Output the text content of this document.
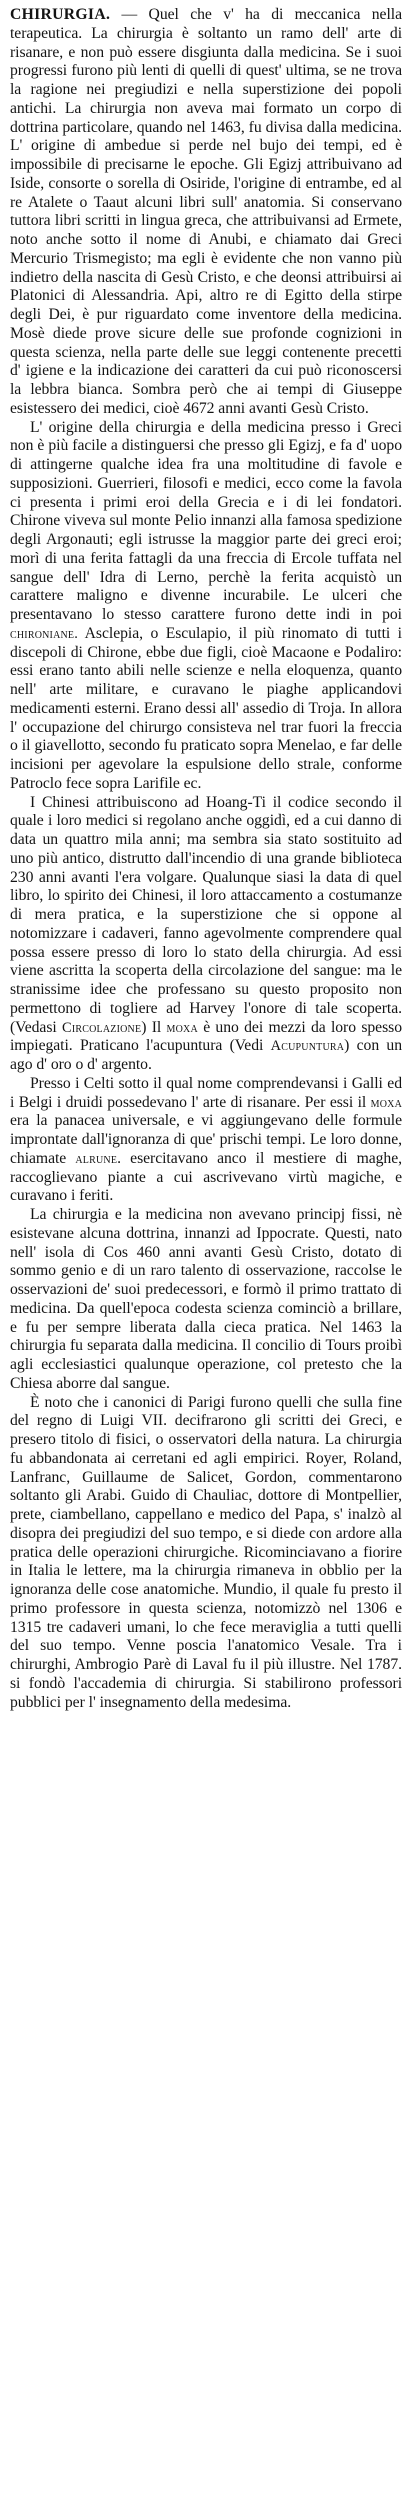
CHIRURGIA. — Quel che v' ha di meccanica nella terapeutica. La chirurgia è soltanto un ramo dell' arte di risanare, e non può essere disgiunta dalla medicina. Se i suoi progressi furono più lenti di quelli di quest' ultima, se ne trova la ragione nei pregiudizi e nella superstizione dei popoli antichi. La chirurgia non aveva mai formato un corpo di dottrina particolare, quando nel 1463, fu divisa dalla medicina. L' origine di ambedue si perde nel bujo dei tempi, ed è impossibile di precisarne le epoche. Gli Egizj attribuivano ad Iside, consorte o sorella di Osiride, l'origine di entrambe, ed al re Atalete o Taaut alcuni libri sull' anatomia. Si conservano tuttora libri scritti in lingua greca, che attribuivansi ad Ermete, noto anche sotto il nome di Anubi, e chiamato dai Greci Mercurio Trismegisto; ma egli è evidente che non vanno più indietro della nascita di Gesù Cristo, e che deonsi attribuirsi ai Platonici di Alessandria. Api, altro re di Egitto della stirpe degli Dei, è pur riguardato come inventore della medicina. Mosè diede prove sicure delle sue profonde cognizioni in questa scienza, nella parte delle sue leggi contenente precetti d' igiene e la indicazione dei caratteri da cui può riconoscersi la lebbra bianca. Sombra però che ai tempi di Giuseppe esistessero dei medici, cioè 4672 anni avanti Gesù Cristo.

L' origine della chirurgia e della medicina presso i Greci non è più facile a distinguersi che presso gli Egizj, e fa d' uopo di attingerne qualche idea fra una moltitudine di favole e supposizioni. Guerrieri, filosofi e medici, ecco come la favola ci presenta i primi eroi della Grecia e i di lei fondatori. Chirone viveva sul monte Pelio innanzi alla famosa spedizione degli Argonauti; egli istrusse la maggior parte dei greci eroi; morì di una ferita fattagli da una freccia di Ercole tuffata nel sangue dell' Idra di Lerno, perchè la ferita acquistò un carattere maligno e divenne incurabile. Le ulceri che presentavano lo stesso carattere furono dette indi in poi chironiane. Asclepia, o Esculapio, il più rinomato di tutti i discepoli di Chirone, ebbe due figli, cioè Macaone e Podaliro: essi erano tanto abili nelle scienze e nella eloquenza, quanto nell' arte militare, e curavano le piaghe applicandovi medicamenti esterni. Erano dessi all' assedio di Troja. In allora l' occupazione del chirurgo consisteva nel trar fuori la freccia o il giavellotto, secondo fu praticato sopra Menelao, e far delle incisioni per agevolare la espulsione dello strale, conforme Patroclo fece sopra Larifile ec.

I Chinesi attribuiscono ad Hoang-Ti il codice secondo il quale i loro medici si regolano anche oggidì, ed a cui danno di data un quattro mila anni; ma sembra sia stato sostituito ad uno più antico, distrutto dall'incendio di una grande biblioteca 230 anni avanti l'era volgare. Qualunque siasi la data di quel libro, lo spirito dei Chinesi, il loro attaccamento a costumanze di mera pratica, e la superstizione che si oppone al notomizzare i cadaveri, fanno agevolmente comprendere qual possa essere presso di loro lo stato della chirurgia. Ad essi viene ascritta la scoperta della circolazione del sangue: ma le stranissime idee che professano su questo proposito non permettono di togliere ad Harvey l'onore di tale scoperta. (Vedasi Circolazione) Il moxa è uno dei mezzi da loro spesso impiegati. Praticano l'acupuntura (Vedi Acupuntura) con un ago d' oro o d' argento.

Presso i Celti sotto il qual nome comprendevansi i Galli ed i Belgi i druidi possedevano l' arte di risanare. Per essi il moxa era la panacea universale, e vi aggiungevano delle formule improntate dall'ignoranza di que' prischi tempi. Le loro donne, chiamate alrune. esercitavano anco il mestiere di maghe, raccoglievano piante a cui ascrivevano virtù magiche, e curavano i feriti.

La chirurgia e la medicina non avevano principj fissi, nè esistevane alcuna dottrina, innanzi ad Ippocrate. Questi, nato nell' isola di Cos 460 anni avanti Gesù Cristo, dotato di sommo genio e di un raro talento di osservazione, raccolse le osservazioni de' suoi predecessori, e formò il primo trattato di medicina. Da quell'epoca codesta scienza cominciò a brillare, e fu per sempre liberata dalla cieca pratica. Nel 1463 la chirurgia fu separata dalla medicina. Il concilio di Tours proibì agli ecclesiastici qualunque operazione, col pretesto che la Chiesa aborre dal sangue.

È noto che i canonici di Parigi furono quelli che sulla fine del regno di Luigi VII. decifrarono gli scritti dei Greci, e presero titolo di fisici, o osservatori della natura. La chirurgia fu abbandonata ai cerretani ed agli empirici. Royer, Roland, Lanfranc, Guillaume de Salicet, Gordon, commentarono soltanto gli Arabi. Guido di Chauliac, dottore di Montpellier, prete, ciambellano, cappellano e medico del Papa, s' inalzò al disopra dei pregiudizi del suo tempo, e si diede con ardore alla pratica delle operazioni chirurgiche. Ricominciavano a fiorire in Italia le lettere, ma la chirurgia rimaneva in obblio per la ignoranza delle cose anatomiche. Mundio, il quale fu presto il primo professore in questa scienza, notomizzò nel 1306 e 1315 tre cadaveri umani, lo che fece meraviglia a tutti quelli del suo tempo. Venne poscia l'anatomico Vesale. Tra i chirurghi, Ambrogio Parè di Laval fu il più illustre. Nel 1787. si fondò l'accademia di chirurgia. Si stabilirono professori pubblici per l' insegnamento della medesima.
